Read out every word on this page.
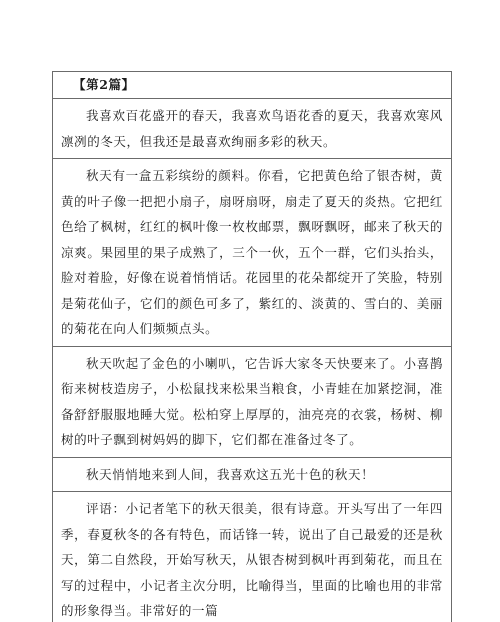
【第2篇】
我喜欢百花盛开的春天，我喜欢鸟语花香的夏天，我喜欢寒风凛冽的冬天，但我还是最喜欢绚丽多彩的秋天。
秋天有一盒五彩缤纷的颜料。你看，它把黄色给了银杏树，黄黄的叶子像一把把小扇子，扇呀扇呀，扇走了夏天的炎热。它把红色给了枫树，红红的枫叶像一枚枚邮票，飘呀飘呀，邮来了秋天的凉爽。果园里的果子成熟了，三个一伙，五个一群，它们头抬头，脸对着脸，好像在说着悄悄话。花园里的花朵都绽开了笑脸，特别是菊花仙子，它们的颜色可多了，紫红的、淡黄的、雪白的、美丽的菊花在向人们频频点头。
秋天吹起了金色的小喇叭，它告诉大家冬天快要来了。小喜鹊衔来树枝造房子，小松鼠找来松果当粮食，小青蛙在加紧挖洞，准备舒舒服服地睡大觉。松柏穿上厚厚的，油亮亮的衣裳，杨树、柳树的叶子飘到树妈妈的脚下，它们都在准备过冬了。
秋天悄悄地来到人间，我喜欢这五光十色的秋天！
评语：小记者笔下的秋天很美，很有诗意。开头写出了一年四季，春夏秋冬的各有特色，而话锋一转，说出了自己最爱的还是秋天，第二自然段，开始写秋天，从银杏树到枫叶再到菊花，而且在写的过程中，小记者主次分明，比喻得当，里面的比喻也用的非常的形象得当。非常好的一篇
